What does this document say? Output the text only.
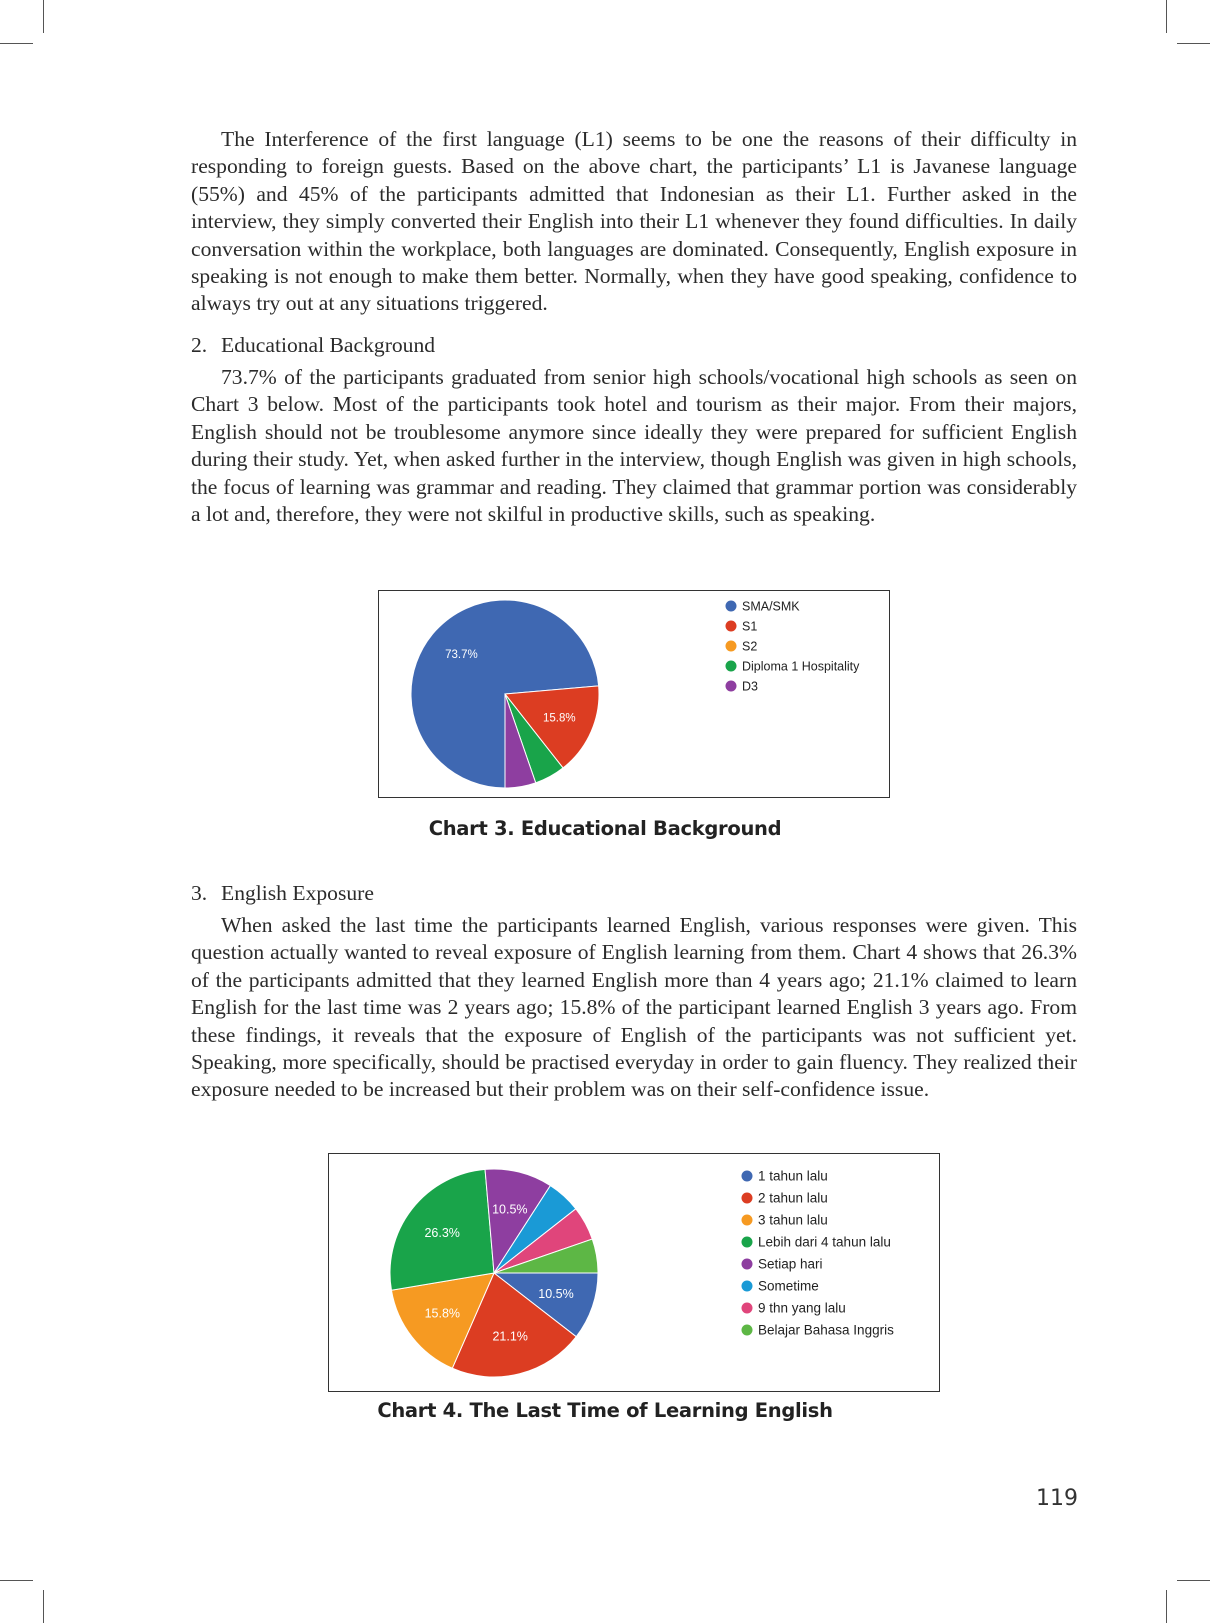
The Interference of the first language (L1) seems to be one the reasons of their difficulty in responding to foreign guests. Based on the above chart, the participants’ L1 is Javanese language (55%) and 45% of the participants admitted that Indonesian as their L1. Further asked in the interview, they simply converted their English into their L1 whenever they found difficulties. In daily conversation within the workplace, both languages are dominated. Consequently, English exposure in speaking is not enough to make them better. Normally, when they have good speaking, confidence to always try out at any situations triggered.

2. Educational Background

73.7% of the participants graduated from senior high schools/vocational high schools as seen on Chart 3 below. Most of the participants took hotel and tourism as their major. From their majors, English should not be troublesome anymore since ideally they were prepared for sufficient English during their study. Yet, when asked further in the interview, though English was given in high schools, the focus of learning was grammar and reading. They claimed that grammar portion was considerably a lot and, therefore, they were not skilful in productive skills, such as speaking.

73.7%
15.8%
SMA/SMK
S1
S2
Diploma 1 Hospitality
D3
Chart 3. Educational Background
3. English Exposure

When asked the last time the participants learned English, various responses were given. This question actually wanted to reveal exposure of English learning from them. Chart 4 shows that 26.3% of the participants admitted that they learned English more than 4 years ago; 21.1% claimed to learn English for the last time was 2 years ago; 15.8% of the participant learned English 3 years ago. From these findings, it reveals that the exposure of English of the participants was not sufficient yet. Speaking, more specifically, should be practised everyday in order to gain fluency. They realized their exposure needed to be increased but their problem was on their self-confidence issue.

10.5%
21.1%
15.8%
26.3%
10.5%
1 tahun lalu
2 tahun lalu
3 tahun lalu
Lebih dari 4 tahun lalu
Setiap hari
Sometime
9 thn yang lalu
Belajar Bahasa Inggris
Chart 4. The Last Time of Learning English
119
